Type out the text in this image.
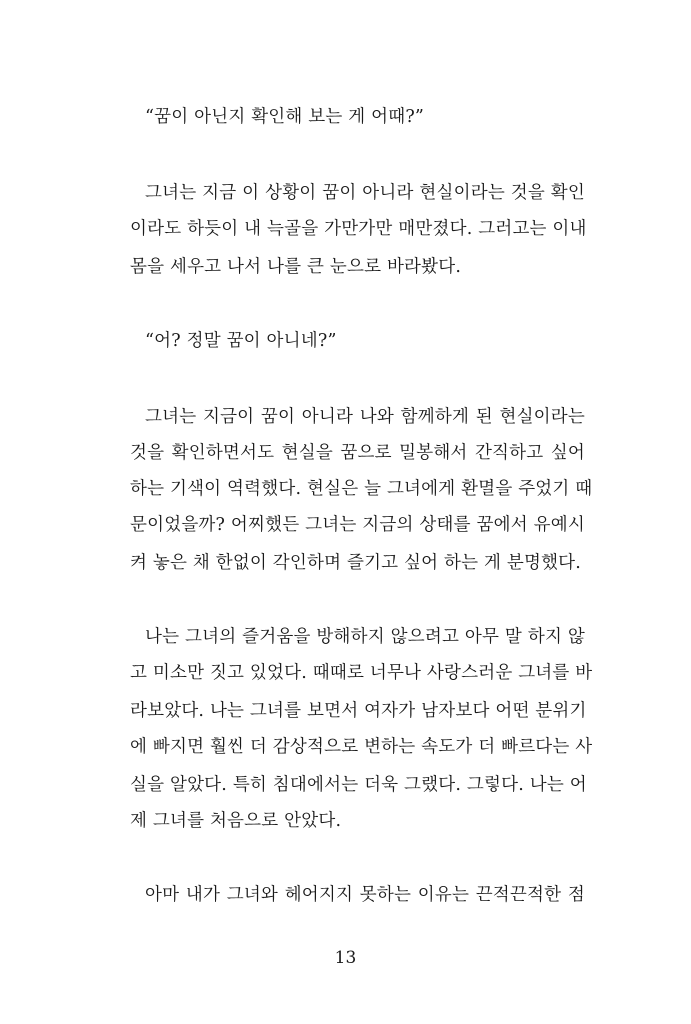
“꿈이 아닌지 확인해 보는 게 어때?”
그녀는 지금 이 상황이 꿈이 아니라 현실이라는 것을 확인
이라도 하듯이 내 늑골을 가만가만 매만졌다. 그러고는 이내
몸을 세우고 나서 나를 큰 눈으로 바라봤다.
“어? 정말 꿈이 아니네?”
그녀는 지금이 꿈이 아니라 나와 함께하게 된 현실이라는
것을 확인하면서도 현실을 꿈으로 밀봉해서 간직하고 싶어
하는 기색이 역력했다. 현실은 늘 그녀에게 환멸을 주었기 때
문이었을까? 어찌했든 그녀는 지금의 상태를 꿈에서 유예시
켜 놓은 채 한없이 각인하며 즐기고 싶어 하는 게 분명했다.
나는 그녀의 즐거움을 방해하지 않으려고 아무 말 하지 않
고 미소만 짓고 있었다. 때때로 너무나 사랑스러운 그녀를 바
라보았다. 나는 그녀를 보면서 여자가 남자보다 어떤 분위기
에 빠지면 훨씬 더 감상적으로 변하는 속도가 더 빠르다는 사
실을 알았다. 특히 침대에서는 더욱 그랬다. 그렇다. 나는 어
제 그녀를 처음으로 안았다.
아마 내가 그녀와 헤어지지 못하는 이유는 끈적끈적한 점
13
